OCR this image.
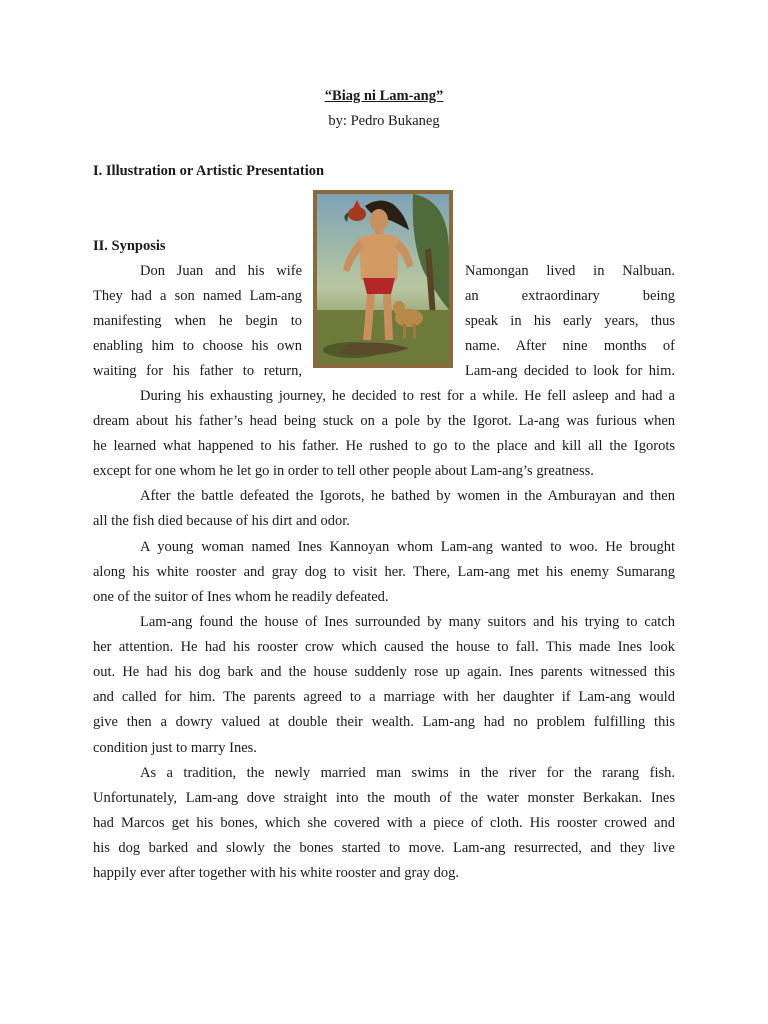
“Biag ni Lam-ang”
by: Pedro Bukaneg
I. Illustration or Artistic Presentation
II. Synposis
Don Juan and his wife	Namongan lived in Nalbuan.
They had a son named Lam-ang	an extraordinary being
manifesting when he begin to	speak in his early years, thus
enabling him to choose his own	name. After nine months of
waiting for his father to return,	Lam-ang decided to look for him.
During his exhausting journey, he decided to rest for a while. He fell asleep and had a
dream about his father’s head being stuck on a pole by the Igorot. La-ang was furious when
he learned what happened to his father. He rushed to go to the place and kill all the Igorots
except for one whom he let go in order to tell other people about Lam-ang’s greatness.
After the battle defeated the Igorots, he bathed by women in the Amburayan and then
all the fish died because of his dirt and odor.
A young woman named Ines Kannoyan whom Lam-ang wanted to woo. He brought
along his white rooster and gray dog to visit her. There, Lam-ang met his enemy Sumarang
one of the suitor of Ines whom he readily defeated.
Lam-ang found the house of Ines surrounded by many suitors and his trying to catch
her attention. He had his rooster crow which caused the house to fall. This made Ines look
out. He had his dog bark and the house suddenly rose up again. Ines parents witnessed this
and called for him. The parents agreed to a marriage with her daughter if Lam-ang would
give then a dowry valued at double their wealth. Lam-ang had no problem fulfilling this
condition just to marry Ines.
As a tradition, the newly married man swims in the river for the rarang fish.
Unfortunately, Lam-ang dove straight into the mouth of the water monster Berkakan. Ines
had Marcos get his bones, which she covered with a piece of cloth. His rooster crowed and
his dog barked and slowly the bones started to move. Lam-ang resurrected, and they live
happily ever after together with his white rooster and gray dog.
